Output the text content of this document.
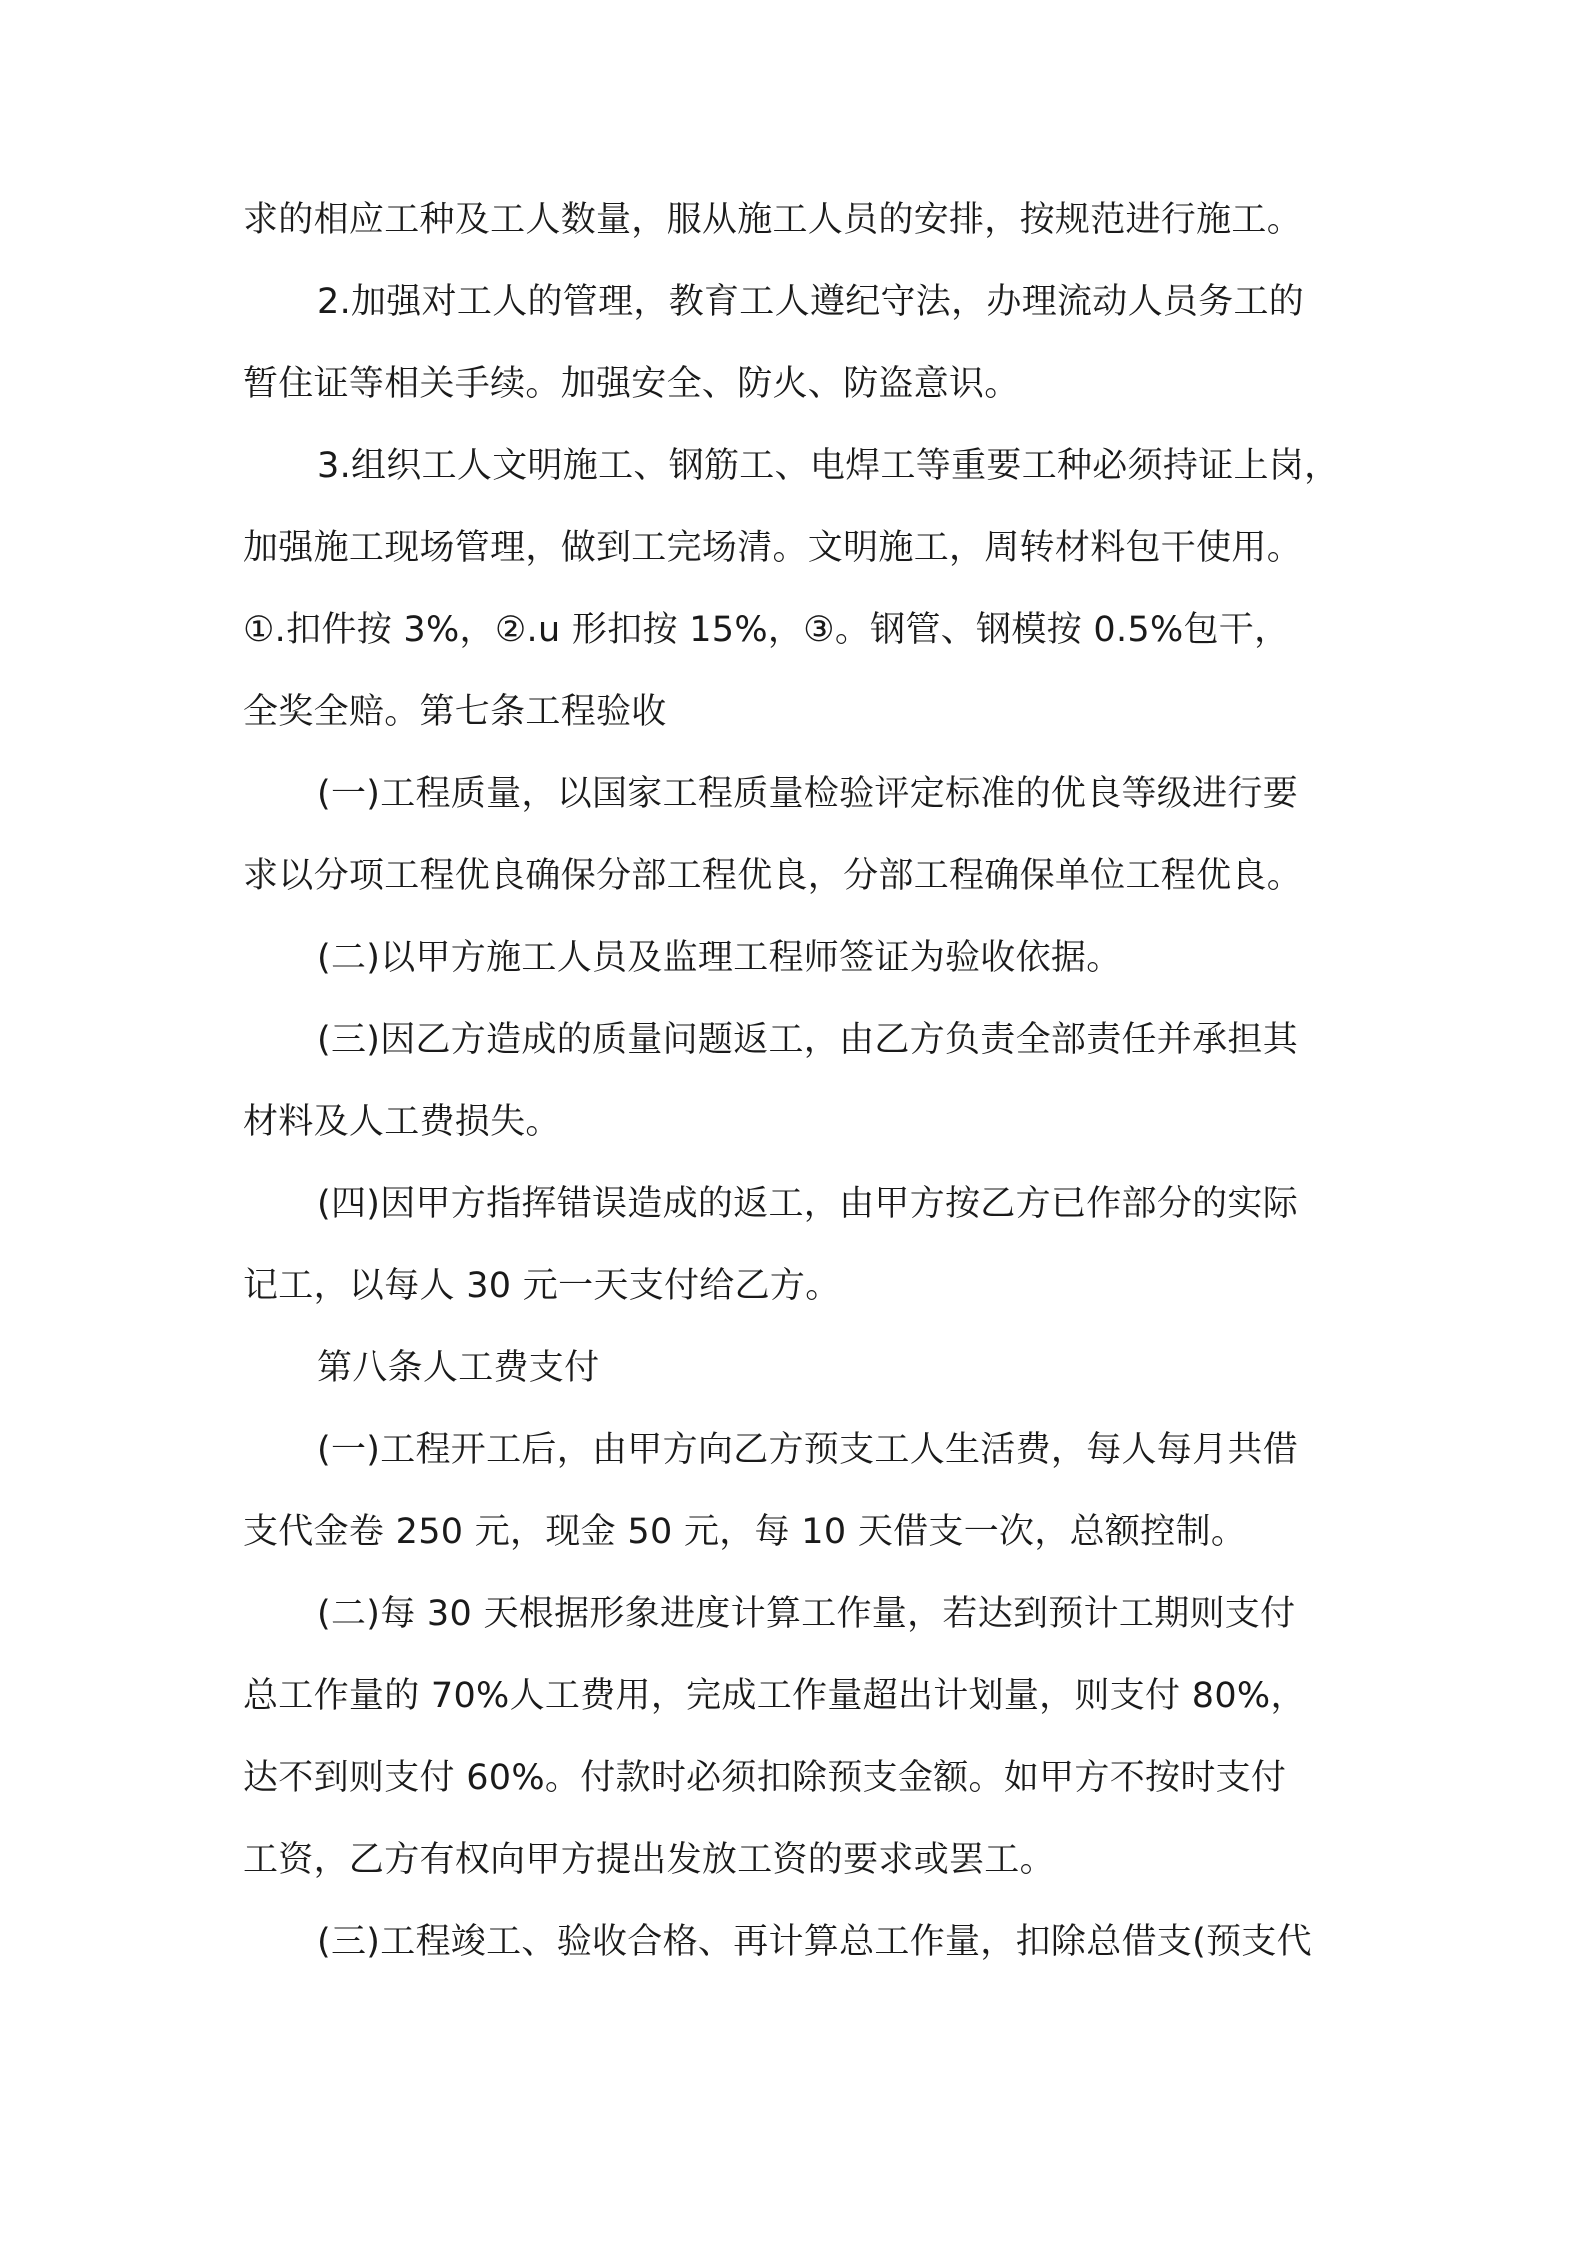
求的相应工种及工人数量，服从施工人员的安排，按规范进行施工。
2.加强对工人的管理，教育工人遵纪守法，办理流动人员务工的
暂住证等相关手续。加强安全、防火、防盗意识。
3.组织工人文明施工、钢筋工、电焊工等重要工种必须持证上岗，
加强施工现场管理，做到工完场清。文明施工，周转材料包干使用。
①.扣件按 3%，②.u 形扣按 15%，③。钢管、钢模按 0.5%包干，
全奖全赔。第七条工程验收
(一)工程质量，以国家工程质量检验评定标准的优良等级进行要
求以分项工程优良确保分部工程优良，分部工程确保单位工程优良。
(二)以甲方施工人员及监理工程师签证为验收依据。
(三)因乙方造成的质量问题返工，由乙方负责全部责任并承担其
材料及人工费损失。
(四)因甲方指挥错误造成的返工，由甲方按乙方已作部分的实际
记工，以每人 30 元一天支付给乙方。
第八条人工费支付
(一)工程开工后，由甲方向乙方预支工人生活费，每人每月共借
支代金卷 250 元，现金 50 元，每 10 天借支一次，总额控制。
(二)每 30 天根据形象进度计算工作量，若达到预计工期则支付
总工作量的 70%人工费用，完成工作量超出计划量，则支付 80%，
达不到则支付 60%。付款时必须扣除预支金额。如甲方不按时支付
工资，乙方有权向甲方提出发放工资的要求或罢工。
(三)工程竣工、验收合格、再计算总工作量，扣除总借支(预支代
